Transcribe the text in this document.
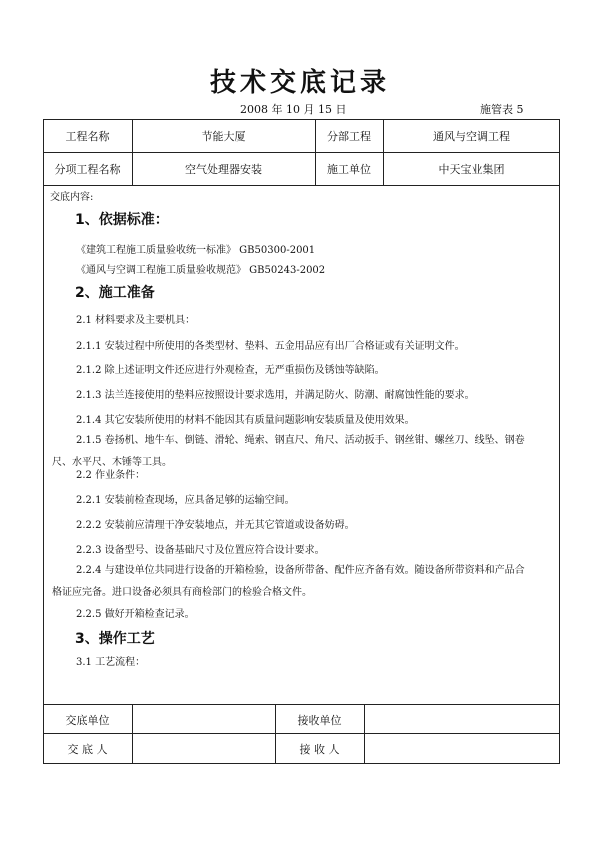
技术交底记录
2008 年 10 月 15 日	施管表 5
工程名称	节能大厦	分部工程	通风与空调工程
分项工程名称	空气处理器安装	施工单位	中天宝业集团
交底内容:
1、依据标准：
《建筑工程施工质量验收统一标准》 GB50300-2001
《通风与空调工程施工质量验收规范》 GB50243-2002
2、施工准备
2.1 材料要求及主要机具：
2.1.1 安装过程中所使用的各类型材、垫料、五金用品应有出厂合格证或有关证明文件。
2.1.2 除上述证明文件还应进行外观检查，无严重损伤及锈蚀等缺陷。
2.1.3 法兰连接使用的垫料应按照设计要求选用，并满足防火、防潮、耐腐蚀性能的要求。
2.1.4 其它安装所使用的材料不能因其有质量问题影响安装质量及使用效果。
2.1.5 卷扬机、地牛车、倒链、滑轮、绳索、钢直尺、角尺、活动扳手、钢丝钳、螺丝刀、线坠、钢卷尺、水平尺、木锤等工具。
2.2 作业条件：
2.2.1 安装前检查现场，应具备足够的运输空间。
2.2.2 安装前应清理干净安装地点，并无其它管道或设备妨碍。
2.2.3 设备型号、设备基础尺寸及位置应符合设计要求。
2.2.4 与建设单位共同进行设备的开箱检验，设备所带备、配件应齐备有效。随设备所带资料和产品合格证应完备。进口设备必须具有商检部门的检验合格文件。
2.2.5 做好开箱检查记录。
3、操作工艺
3.1 工艺流程：
交底单位	接收单位
交 底 人	接 收 人
